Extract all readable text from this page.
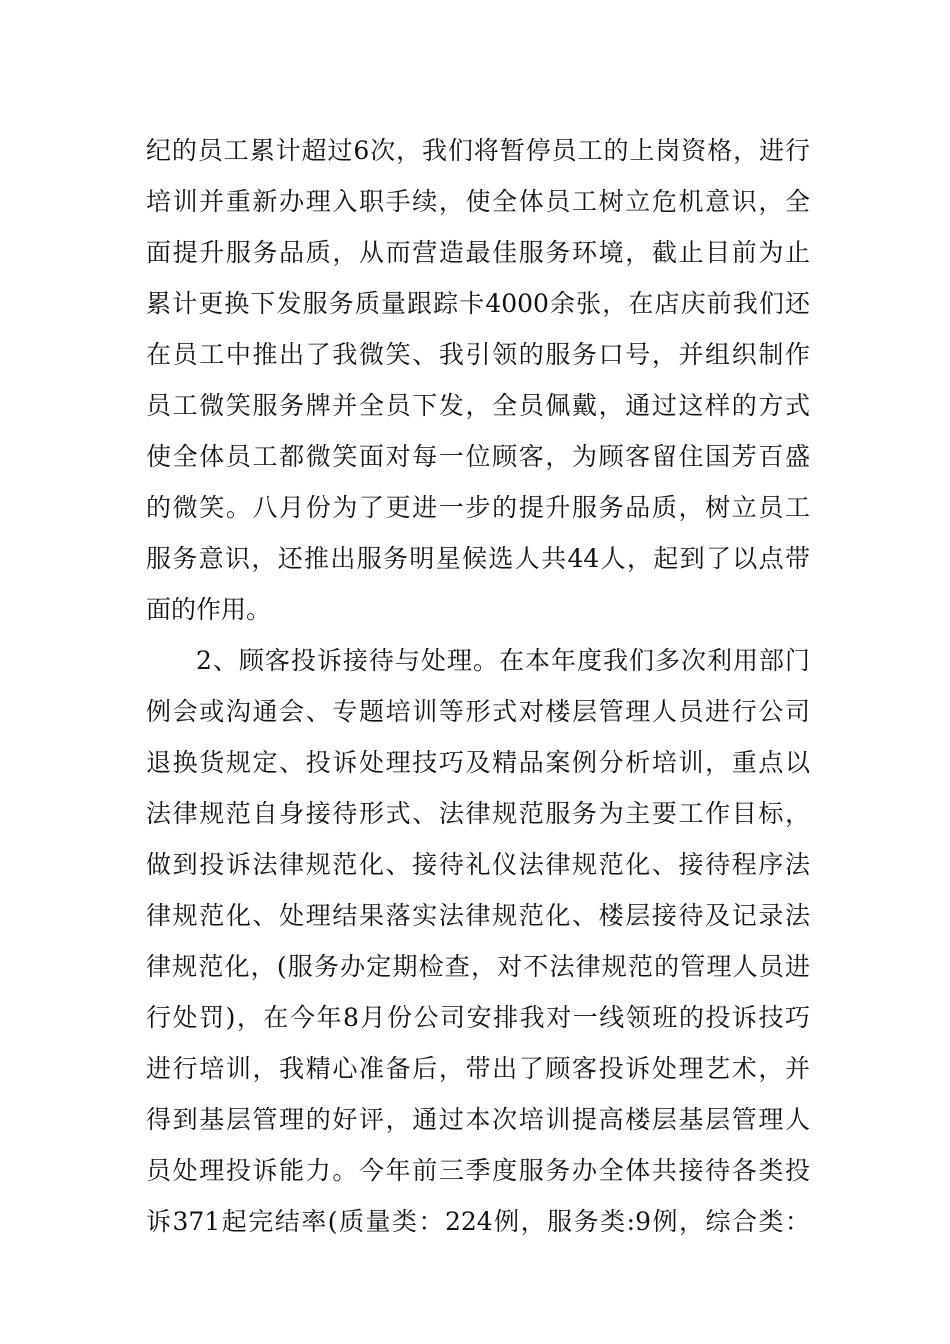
纪的员工累计超过6次，我们将暂停员工的上岗资格，进行
培训并重新办理入职手续，使全体员工树立危机意识，全
面提升服务品质，从而营造最佳服务环境，截止目前为止
累计更换下发服务质量跟踪卡4000余张，在店庆前我们还
在员工中推出了我微笑、我引领的服务口号，并组织制作
员工微笑服务牌并全员下发，全员佩戴，通过这样的方式
使全体员工都微笑面对每一位顾客，为顾客留住国芳百盛
的微笑。八月份为了更进一步的提升服务品质，树立员工
服务意识，还推出服务明星候选人共44人，起到了以点带
面的作用。
2、顾客投诉接待与处理。在本年度我们多次利用部门
例会或沟通会、专题培训等形式对楼层管理人员进行公司
退换货规定、投诉处理技巧及精品案例分析培训，重点以
法律规范自身接待形式、法律规范服务为主要工作目标，
做到投诉法律规范化、接待礼仪法律规范化、接待程序法
律规范化、处理结果落实法律规范化、楼层接待及记录法
律规范化，(服务办定期检查，对不法律规范的管理人员进
行处罚)，在今年8月份公司安排我对一线领班的投诉技巧
进行培训，我精心准备后，带出了顾客投诉处理艺术，并
得到基层管理的好评，通过本次培训提高楼层基层管理人
员处理投诉能力。今年前三季度服务办全体共接待各类投
诉371起完结率(质量类：224例，服务类:9例，综合类：
